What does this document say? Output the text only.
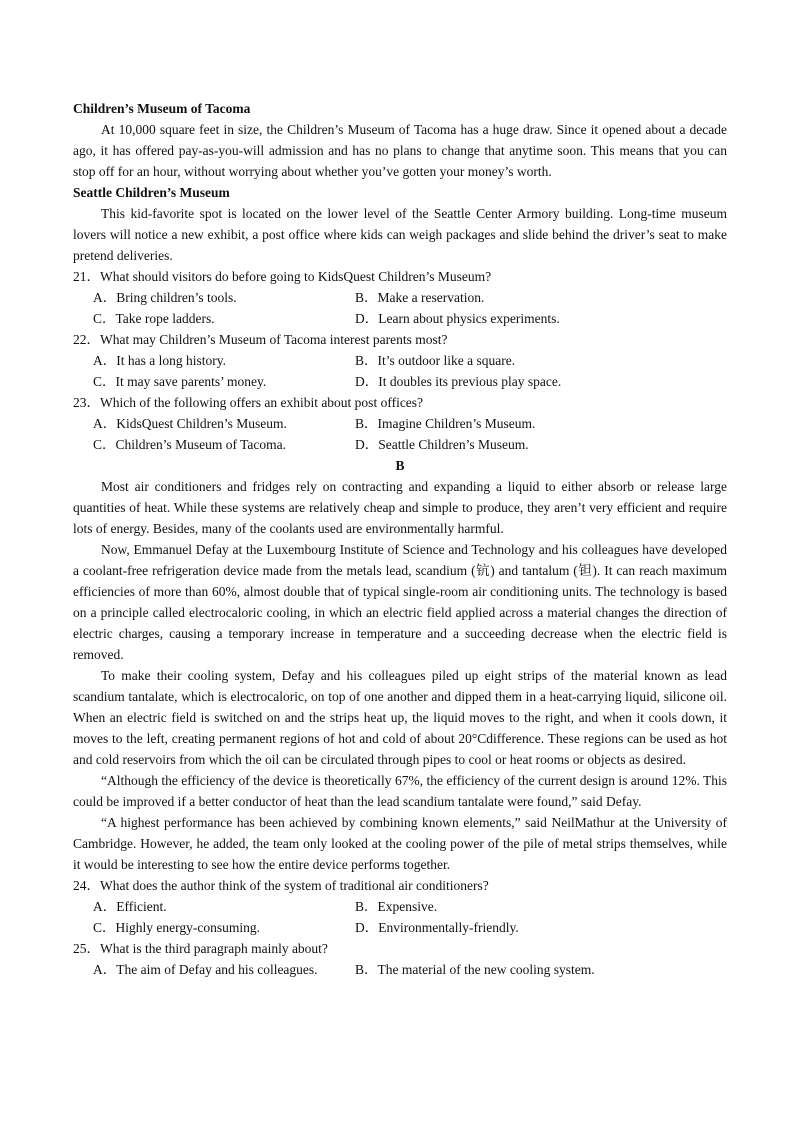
Children’s Museum of Tacoma

At 10,000 square feet in size, the Children’s Museum of Tacoma has a huge draw. Since it opened about a decade ago, it has offered pay-as-you-will admission and has no plans to change that anytime soon. This means that you can stop off for an hour, without worrying about whether you’ve gotten your money’s worth.

Seattle Children’s Museum

This kid-favorite spot is located on the lower level of the Seattle Center Armory building. Long-time museum lovers will notice a new exhibit, a post office where kids can weigh packages and slide behind the driver’s seat to make pretend deliveries.

21．What should visitors do before going to KidsQuest Children’s Museum?

A．Bring children’s tools.	B．Make a reservation.
C．Take rope ladders.	D．Learn about physics experiments.

22．What may Children’s Museum of Tacoma interest parents most?

A．It has a long history.	B．It’s outdoor like a square.
C．It may save parents’ money.	D．It doubles its previous play space.

23．Which of the following offers an exhibit about post offices?

A．KidsQuest Children’s Museum.	B．Imagine Children’s Museum.
C．Children’s Museum of Tacoma.	D．Seattle Children’s Museum.

B

Most air conditioners and fridges rely on contracting and expanding a liquid to either absorb or release large quantities of heat. While these systems are relatively cheap and simple to produce, they aren’t very efficient and require lots of energy. Besides, many of the coolants used are environmentally harmful.

Now, Emmanuel Defay at the Luxembourg Institute of Science and Technology and his colleagues have developed a coolant-free refrigeration device made from the metals lead, scandium (钪) and tantalum (钽). It can reach maximum efficiencies of more than 60%, almost double that of typical single-room air conditioning units. The technology is based on a principle called electrocaloric cooling, in which an electric field applied across a material changes the direction of electric charges, causing a temporary increase in temperature and a succeeding decrease when the electric field is removed.

To make their cooling system, Defay and his colleagues piled up eight strips of the material known as lead scandium tantalate, which is electrocaloric, on top of one another and dipped them in a heat-carrying liquid, silicone oil. When an electric field is switched on and the strips heat up, the liquid moves to the right, and when it cools down, it moves to the left, creating permanent regions of hot and cold of about 20°Cdifference. These regions can be used as hot and cold reservoirs from which the oil can be circulated through pipes to cool or heat rooms or objects as desired.

“Although the efficiency of the device is theoretically 67%, the efficiency of the current design is around 12%. This could be improved if a better conductor of heat than the lead scandium tantalate were found,” said Defay.

“A highest performance has been achieved by combining known elements,” said NeilMathur at the University of Cambridge. However, he added, the team only looked at the cooling power of the pile of metal strips themselves, while it would be interesting to see how the entire device performs together.

24．What does the author think of the system of traditional air conditioners?

A．Efficient.	B．Expensive.
C．Highly energy-consuming.	D．Environmentally-friendly.

25．What is the third paragraph mainly about?

A．The aim of Defay and his colleagues.	B．The material of the new cooling system.
